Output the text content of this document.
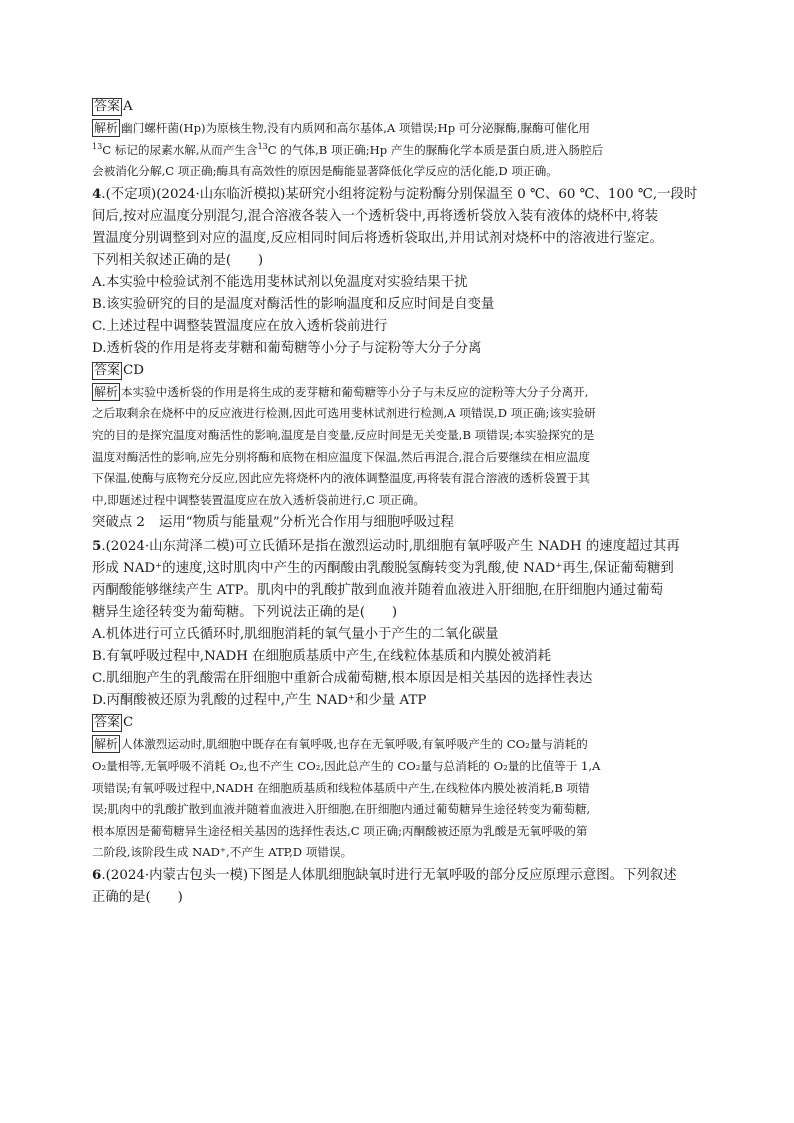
答案 A
解析 幽门螺杆菌(Hp)为原核生物,没有内质网和高尔基体,A 项错误;Hp 可分泌脲酶,脲酶可催化用
$^{13}$C 标记的尿素水解,从而产生含$^{13}$C 的气体,B 项正确;Hp 产生的脲酶化学本质是蛋白质,进入肠腔后
会被消化分解,C 项正确;酶具有高效性的原因是酶能显著降低化学反应的活化能,D 项正确。
4.(不定项)(2024·山东临沂模拟)某研究小组将淀粉与淀粉酶分别保温至 0 ℃、60 ℃、100 ℃,一段时
间后,按对应温度分别混匀,混合溶液各装入一个透析袋中,再将透析袋放入装有液体的烧杯中,将装
置温度分别调整到对应的温度,反应相同时间后将透析袋取出,并用试剂对烧杯中的溶液进行鉴定。
下列相关叙述正确的是(　　)
A.本实验中检验试剂不能选用斐林试剂以免温度对实验结果干扰
B.该实验研究的目的是温度对酶活性的影响温度和反应时间是自变量
C.上述过程中调整装置温度应在放入透析袋前进行
D.透析袋的作用是将麦芽糖和葡萄糖等小分子与淀粉等大分子分离
答案 CD
解析 本实验中透析袋的作用是将生成的麦芽糖和葡萄糖等小分子与未反应的淀粉等大分子分离开,
之后取剩余在烧杯中的反应液进行检测,因此可选用斐林试剂进行检测,A 项错误,D 项正确;该实验研
究的目的是探究温度对酶活性的影响,温度是自变量,反应时间是无关变量,B 项错误;本实验探究的是
温度对酶活性的影响,应先分别将酶和底物在相应温度下保温,然后再混合,混合后要继续在相应温度
下保温,使酶与底物充分反应,因此应先将烧杯内的液体调整温度,再将装有混合溶液的透析袋置于其
中,即题述过程中调整装置温度应在放入透析袋前进行,C 项正确。
突破点 2 运用“物质与能量观”分析光合作用与细胞呼吸过程
5.(2024·山东菏泽二模)可立氏循环是指在激烈运动时,肌细胞有氧呼吸产生 NADH 的速度超过其再
形成 NAD⁺的速度,这时肌肉中产生的丙酮酸由乳酸脱氢酶转变为乳酸,使 NAD⁺再生,保证葡萄糖到
丙酮酸能够继续产生 ATP。肌肉中的乳酸扩散到血液并随着血液进入肝细胞,在肝细胞内通过葡萄
糖异生途径转变为葡萄糖。下列说法正确的是(　　)
A.机体进行可立氏循环时,肌细胞消耗的氧气量小于产生的二氧化碳量
B.有氧呼吸过程中,NADH 在细胞质基质中产生,在线粒体基质和内膜处被消耗
C.肌细胞产生的乳酸需在肝细胞中重新合成葡萄糖,根本原因是相关基因的选择性表达
D.丙酮酸被还原为乳酸的过程中,产生 NAD⁺和少量 ATP
答案 C
解析 人体激烈运动时,肌细胞中既存在有氧呼吸,也存在无氧呼吸,有氧呼吸产生的 CO₂量与消耗的
O₂量相等,无氧呼吸不消耗 O₂,也不产生 CO₂,因此总产生的 CO₂量与总消耗的 O₂量的比值等于 1,A
项错误;有氧呼吸过程中,NADH 在细胞质基质和线粒体基质中产生,在线粒体内膜处被消耗,B 项错
误;肌肉中的乳酸扩散到血液并随着血液进入肝细胞,在肝细胞内通过葡萄糖异生途径转变为葡萄糖,
根本原因是葡萄糖异生途径相关基因的选择性表达,C 项正确;丙酮酸被还原为乳酸是无氧呼吸的第
二阶段,该阶段生成 NAD⁺,不产生 ATP,D 项错误。
6.(2024·内蒙古包头一模)下图是人体肌细胞缺氧时进行无氧呼吸的部分反应原理示意图。下列叙述
正确的是(　　)
